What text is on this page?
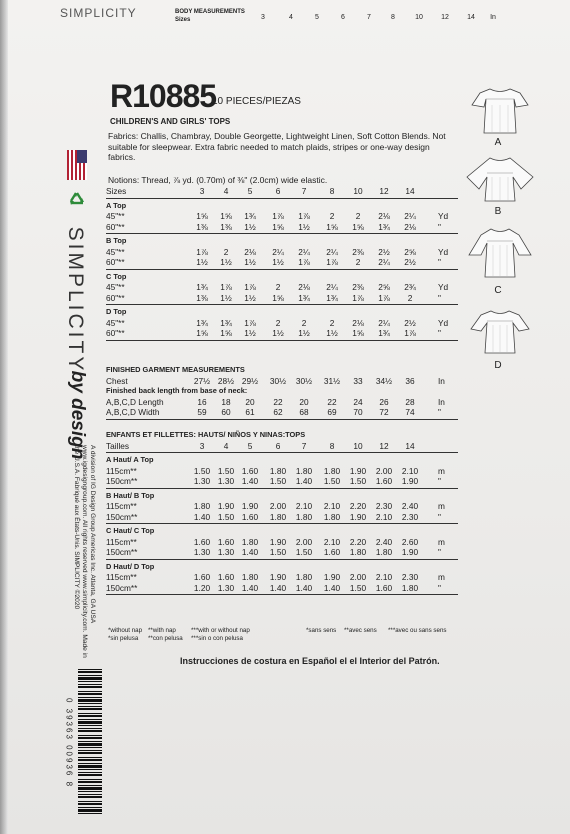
SIMPLICITY	BODY MEASUREMENTS
Sizes	3	4	5	6	7	8	10	12	14	In
R10885
10 PIECES/PIEZAS
CHILDREN'S AND GIRLS' TOPS
Fabrics: Challis, Chambray, Double Georgette, Lightweight Linen, Soft Cotton Blends. Not suitable for sleepwear. Extra fabric needed to match plaids, stripes or one-way design fabrics.
Notions: Thread, ⅞ yd. (0.70m) of ⅜" (2.0cm) wide elastic.
SIMPLICITY
by design
A division of IG Design Group Americas Inc. Atlanta, GA USA www.igdesigngroup.com. All rights reserved www.simplicity.com. Made in the U.S.A. Fabriqué aux États-Unis. SIMPLICITY ©2020
0 39363 00936 8
Sizes	3	4	5	6	7	8	10	12	14
A Top
45"**	1⅝	1⅝	1¾	1⅞	1⅞	2	2	2⅛	2¼	Yd
60"**	1⅜	1⅜	1½	1⅝	1½	1⅝	1⅝	1¾	2⅛	"
B Top
45"**	1⅞	2	2⅛	2¼	2¼	2¼	2⅜	2½	2⅝	Yd
60"**	1½	1½	1½	1½	1⅞	1⅞	2	2¼	2½	"
C Top
45"**	1¾	1⅞	1⅞	2	2⅛	2¼	2⅜	2⅝	2¾	Yd
60"**	1⅜	1½	1½	1⅝	1¾	1¾	1⅞	1⅞	2	"
D Top
45"**	1¾	1¾	1⅞	2	2	2	2⅛	2¼	2½	Yd
60"**	1⅝	1⅝	1½	1½	1½	1½	1⅝	1¾	1⅞	"
FINISHED GARMENT MEASUREMENTS
Chest	27½ 28½ 29½ 30½ 30½ 31½	33	34½	36	In
Finished back length from base of neck:
A,B,C,D Length	16	18	20	22	20	22	24	26	28	In
A,B,C,D Width	59	60	61	62	68	69	70	72	74	"
ENFANTS ET FILLETTES: HAUTS/ NIÑOS Y NINAS:TOPS
Tailles	3	4	5	6	7	8	10	12	14
A Haut/ A Top
115cm**	1.50 1.50 1.60 1.80 1.80 1.80 1.90 2.00 2.10 m
150cm**	1.30 1.30 1.40 1.50 1.40 1.50 1.50 1.60 1.90 "
B Haut/ B Top
115cm**	1.80 1.90 1.90 2.00 2.10 2.10 2.20 2.30 2.40 m
150cm**	1.40 1.50 1.60 1.80 1.80 1.80 1.90 2.10 2.30 "
C Haut/ C Top
115cm**	1.60 1.60 1.80 1.90 2.00 2.10 2.20 2.40 2.60 m
150cm**	1.30 1.30 1.40 1.50 1.50 1.60 1.80 1.80 1.90 "
D Haut/ D Top
115cm**	1.60 1.60 1.80 1.90 1.80 1.90 2.00 2.10 2.30 m
150cm**	1.20 1.30 1.40 1.40 1.40 1.40 1.50 1.60 1.80 "
*without nap **with nap ***with or without nap
*sin pelusa **con pelusa ***sin o con pelusa
*sans sens **avec sens ***avec ou sans sens
Instrucciones de costura en Español el el Interior del Patrón.
A
B
C
D
